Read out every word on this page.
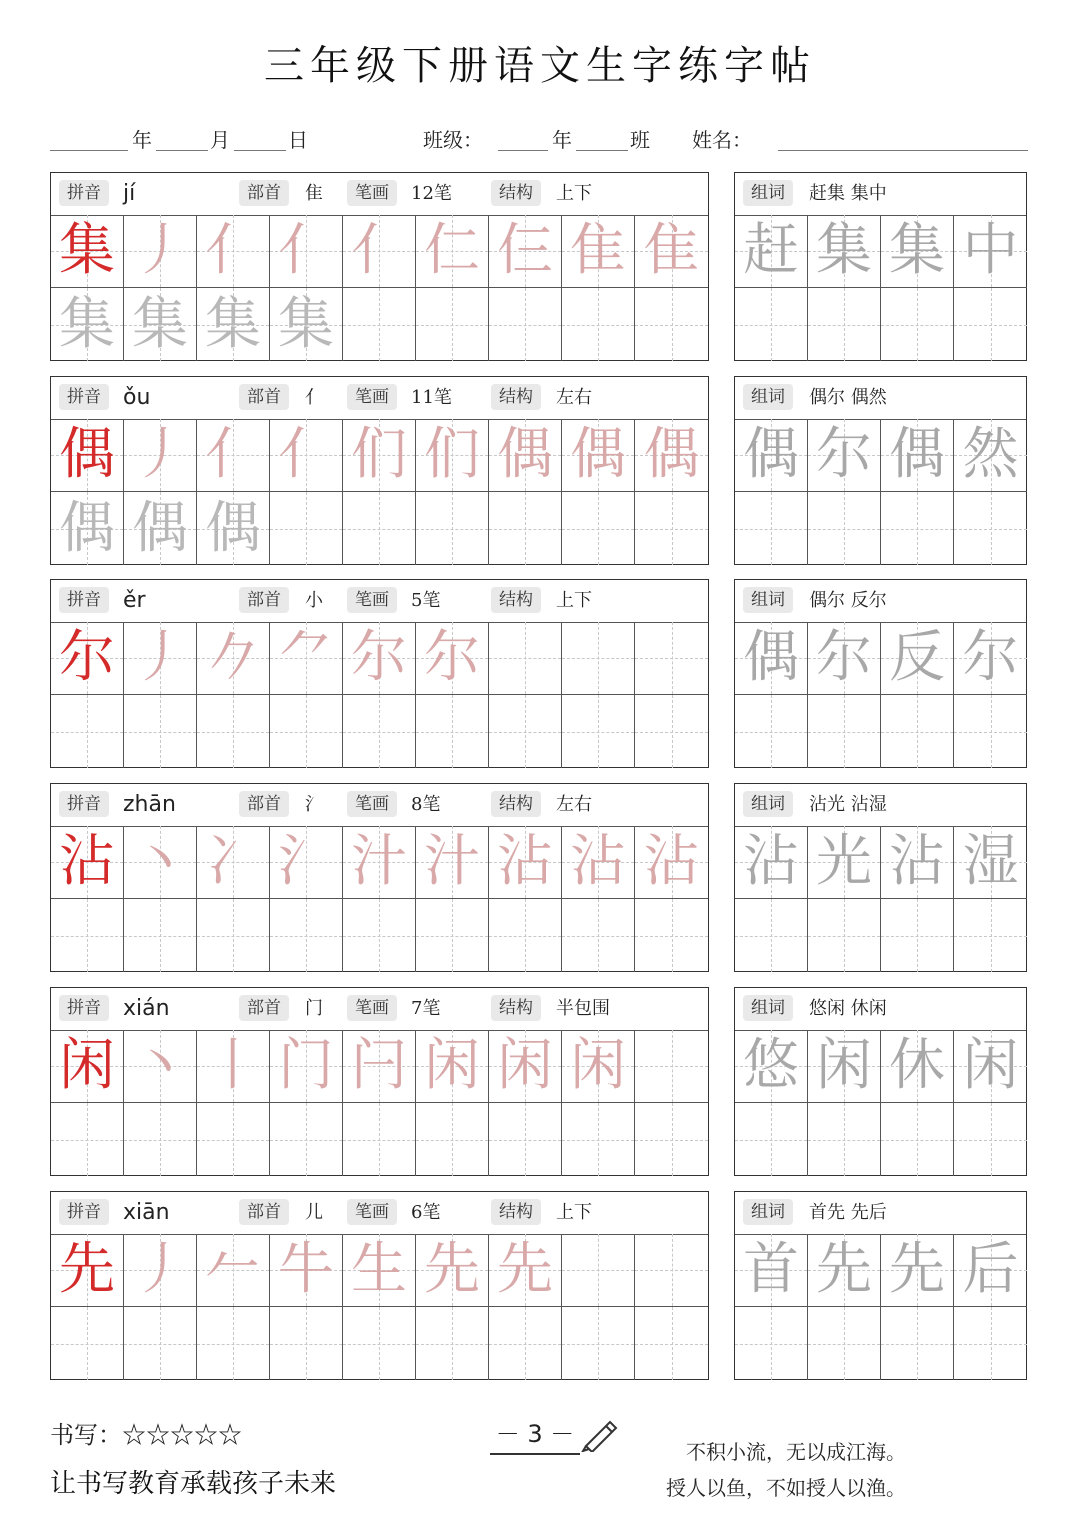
三年级下册语文生字练字帖
年	月	日	班级：	年	班 姓名：
拼音	jí	部首	隹	笔画	12笔	结构	上下
集 丿 亻 亻 亻 仁 仨 隹 隹
集 集 集 集
组词	赶集 集中
赶 集 集 中
拼音	ǒu	部首	亻	笔画	11笔	结构	左右
偶 丿 亻 亻 们 们 偶 偶 偶
偶 偶 偶
组词	偶尔 偶然
偶 尔 偶 然
拼音	ěr	部首	小	笔画	5笔	结构	上下
尔 丿 𠂊 ⺈ 尔 尔
组词	偶尔 反尔
偶 尔 反 尔
拼音	zhān	部首	氵	笔画	8笔	结构	左右
沾 丶 冫 氵 汁 汁 沾 沾 沾
组词	沾光 沾湿
沾 光 沾 湿
拼音	xián	部首	门	笔画	7笔	结构	半包围
闲 丶 丨 门 闩 闲 闲 闲
组词	悠闲 休闲
悠 闲 休 闲
拼音	xiān	部首	儿	笔画	6笔	结构	上下
先 丿 𠂉 牛 生 先 先
组词	首先 先后
首 先 先 后
书写：☆☆☆☆☆
让书写教育承载孩子未来
－ 3 －
不积小流，无以成江海。
授人以鱼，不如授人以渔。
